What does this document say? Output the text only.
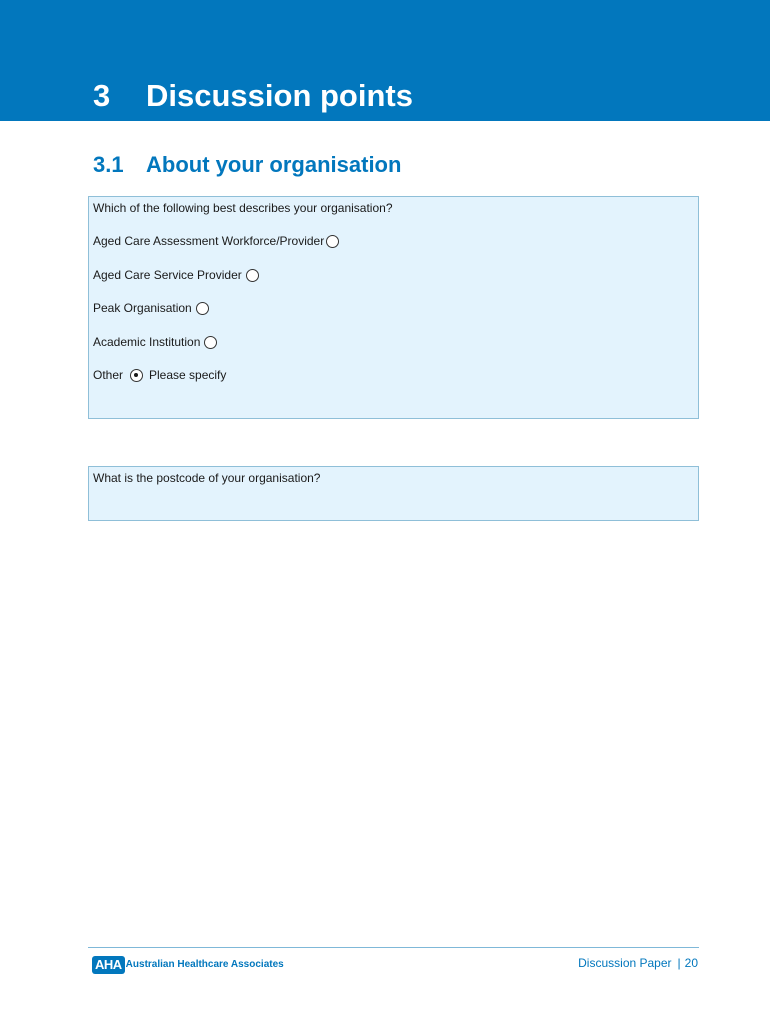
3 Discussion points
3.1 About your organisation
Which of the following best describes your organisation?
Aged Care Assessment Workforce/Provider
Aged Care Service Provider
Peak Organisation
Academic Institution
Other Please specify
What is the postcode of your organisation?
AHA Australian Healthcare Associates	Discussion Paper | 20
